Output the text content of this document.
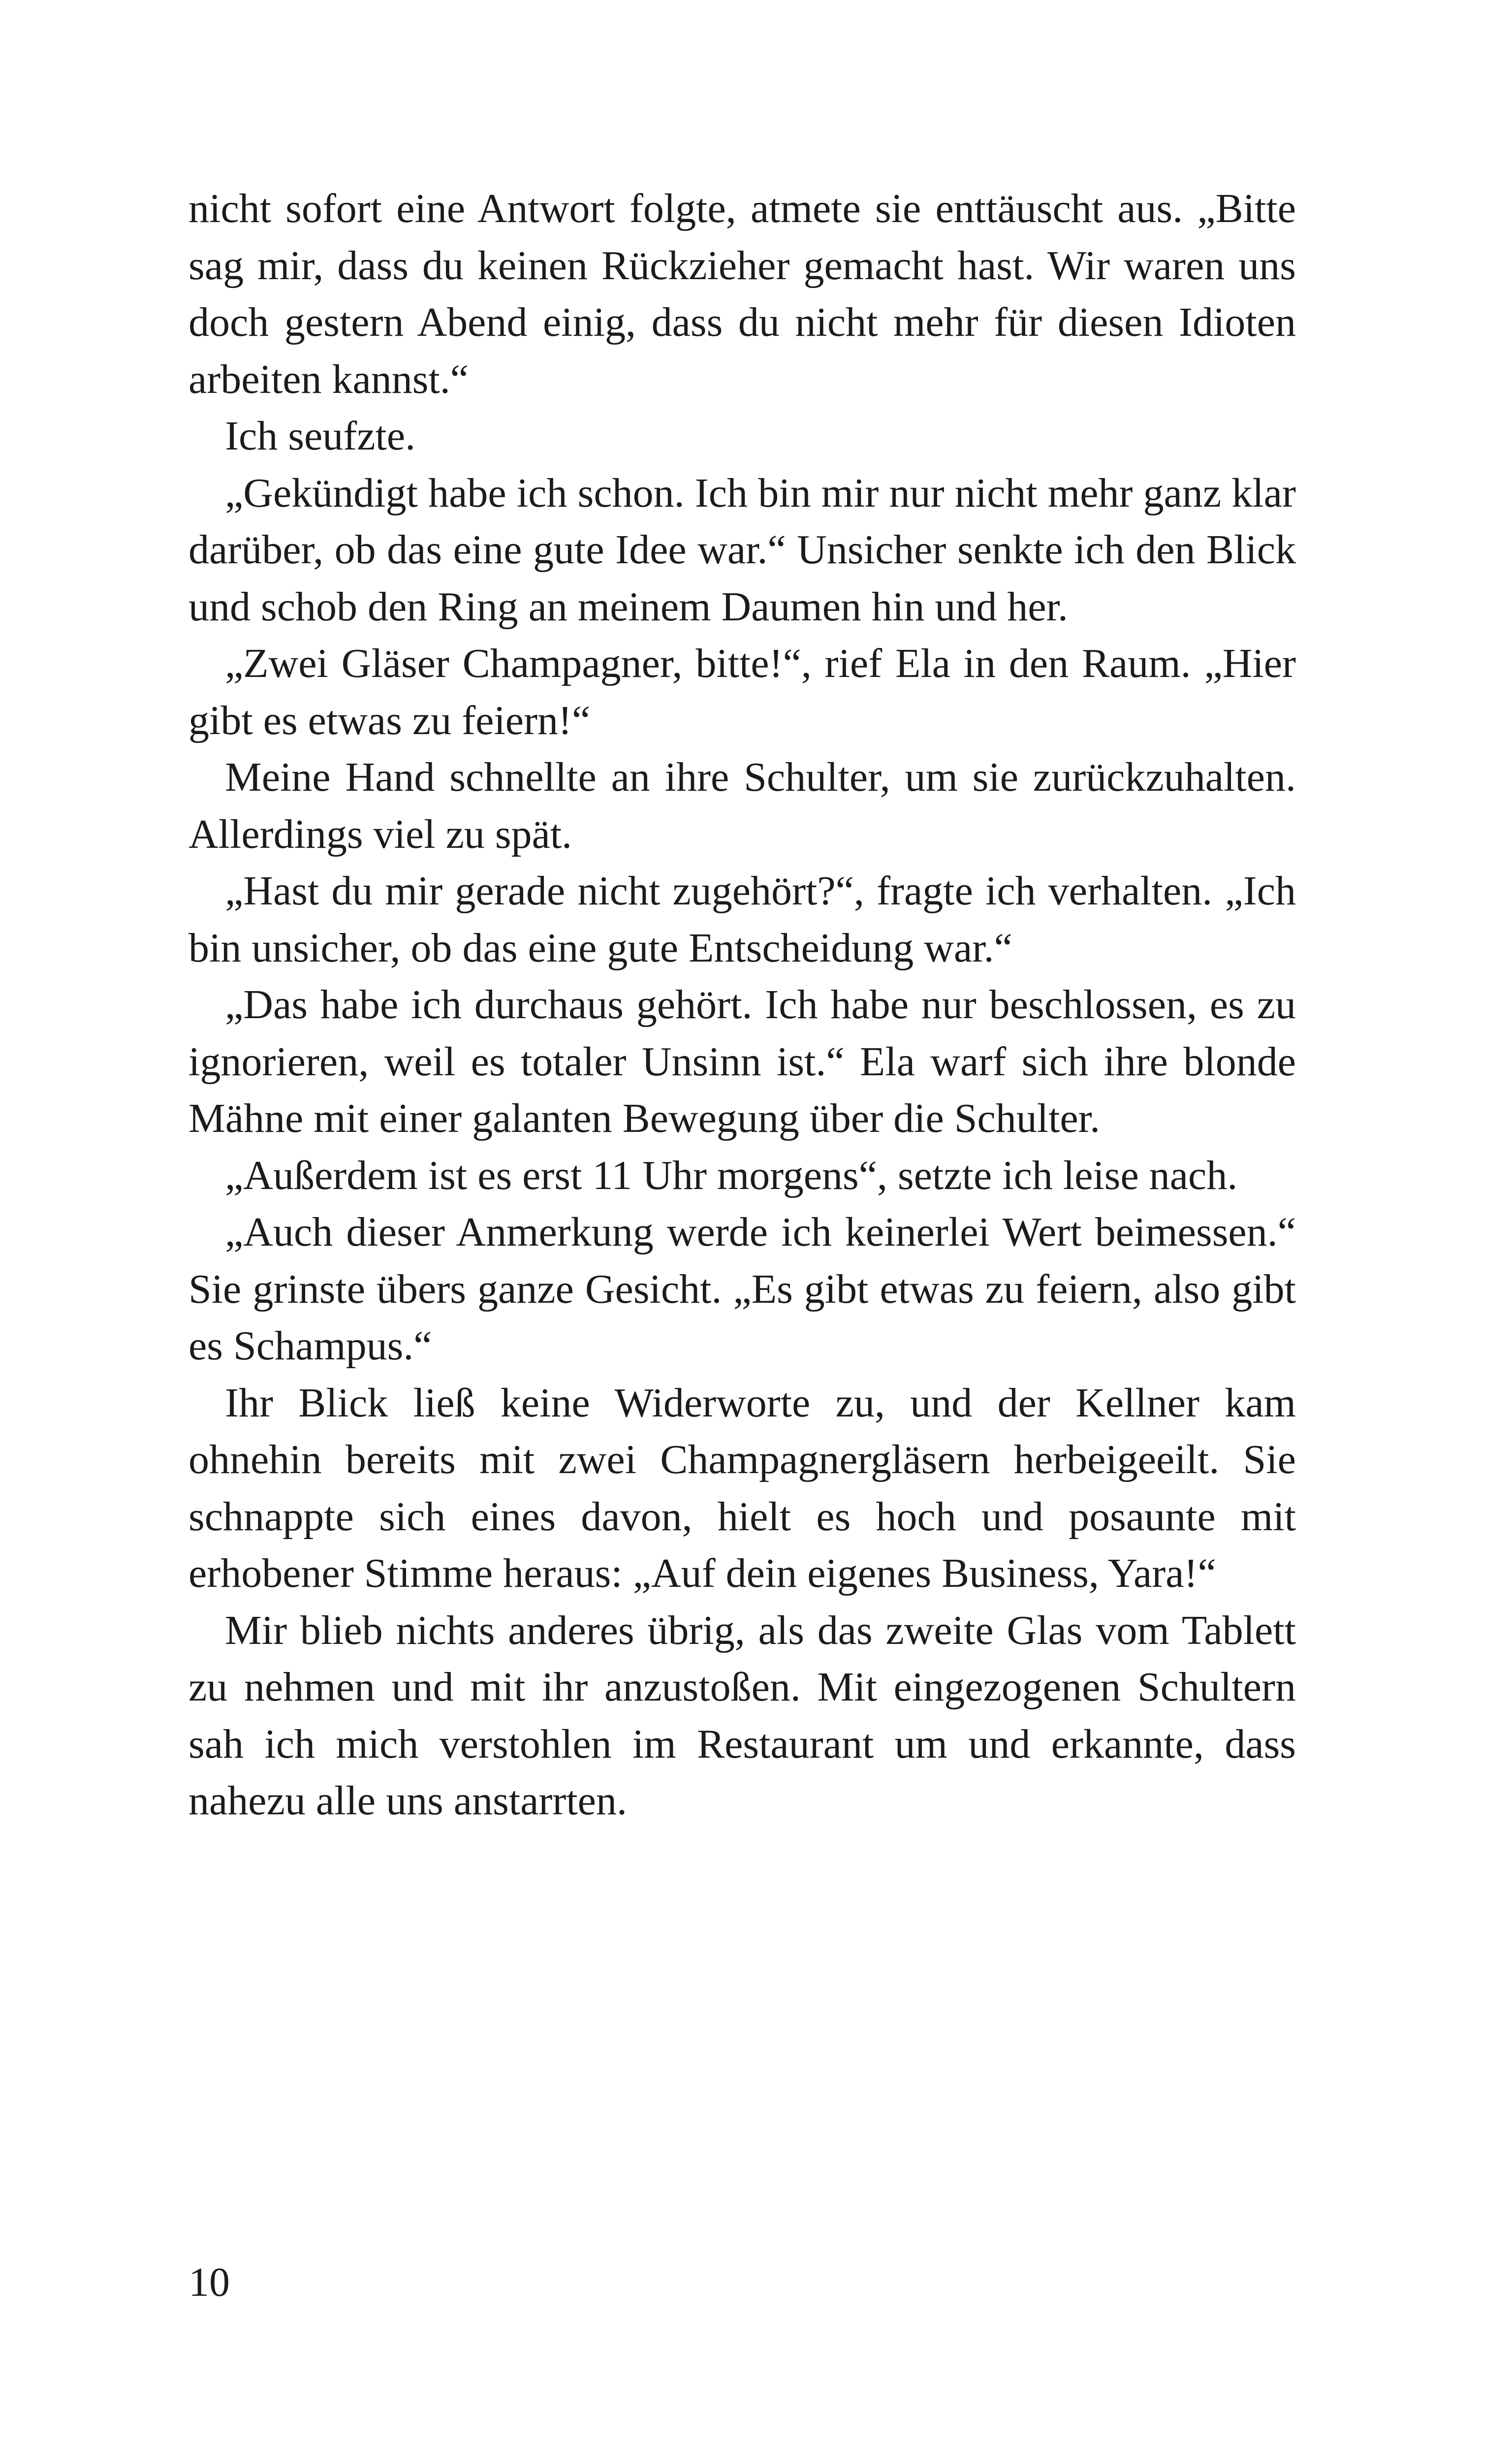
nicht sofort eine Antwort folgte, atmete sie enttäuscht aus. „Bitte sag mir, dass du keinen Rückzieher gemacht hast. Wir waren uns doch gestern Abend einig, dass du nicht mehr für diesen Idioten arbeiten kannst.“

Ich seufzte.

„Gekündigt habe ich schon. Ich bin mir nur nicht mehr ganz klar darüber, ob das eine gute Idee war.“ Unsicher senkte ich den Blick und schob den Ring an meinem Daumen hin und her.

„Zwei Gläser Champagner, bitte!“, rief Ela in den Raum. „Hier gibt es etwas zu feiern!“

Meine Hand schnellte an ihre Schulter, um sie zurückzuhalten. Allerdings viel zu spät.

„Hast du mir gerade nicht zugehört?“, fragte ich verhalten. „Ich bin unsicher, ob das eine gute Entscheidung war.“

„Das habe ich durchaus gehört. Ich habe nur beschlossen, es zu ignorieren, weil es totaler Unsinn ist.“ Ela warf sich ihre blonde Mähne mit einer galanten Bewegung über die Schulter.

„Außerdem ist es erst 11 Uhr morgens“, setzte ich leise nach.

„Auch dieser Anmerkung werde ich keinerlei Wert beimessen.“ Sie grinste übers ganze Gesicht. „Es gibt etwas zu feiern, also gibt es Schampus.“

Ihr Blick ließ keine Widerworte zu, und der Kellner kam ohnehin bereits mit zwei Champagnergläsern herbeigeeilt. Sie schnappte sich eines davon, hielt es hoch und posaunte mit erhobener Stimme heraus: „Auf dein eigenes Business, Yara!“

Mir blieb nichts anderes übrig, als das zweite Glas vom Tablett zu nehmen und mit ihr anzustoßen. Mit eingezogenen Schultern sah ich mich verstohlen im Restaurant um und erkannte, dass nahezu alle uns anstarrten.

10
